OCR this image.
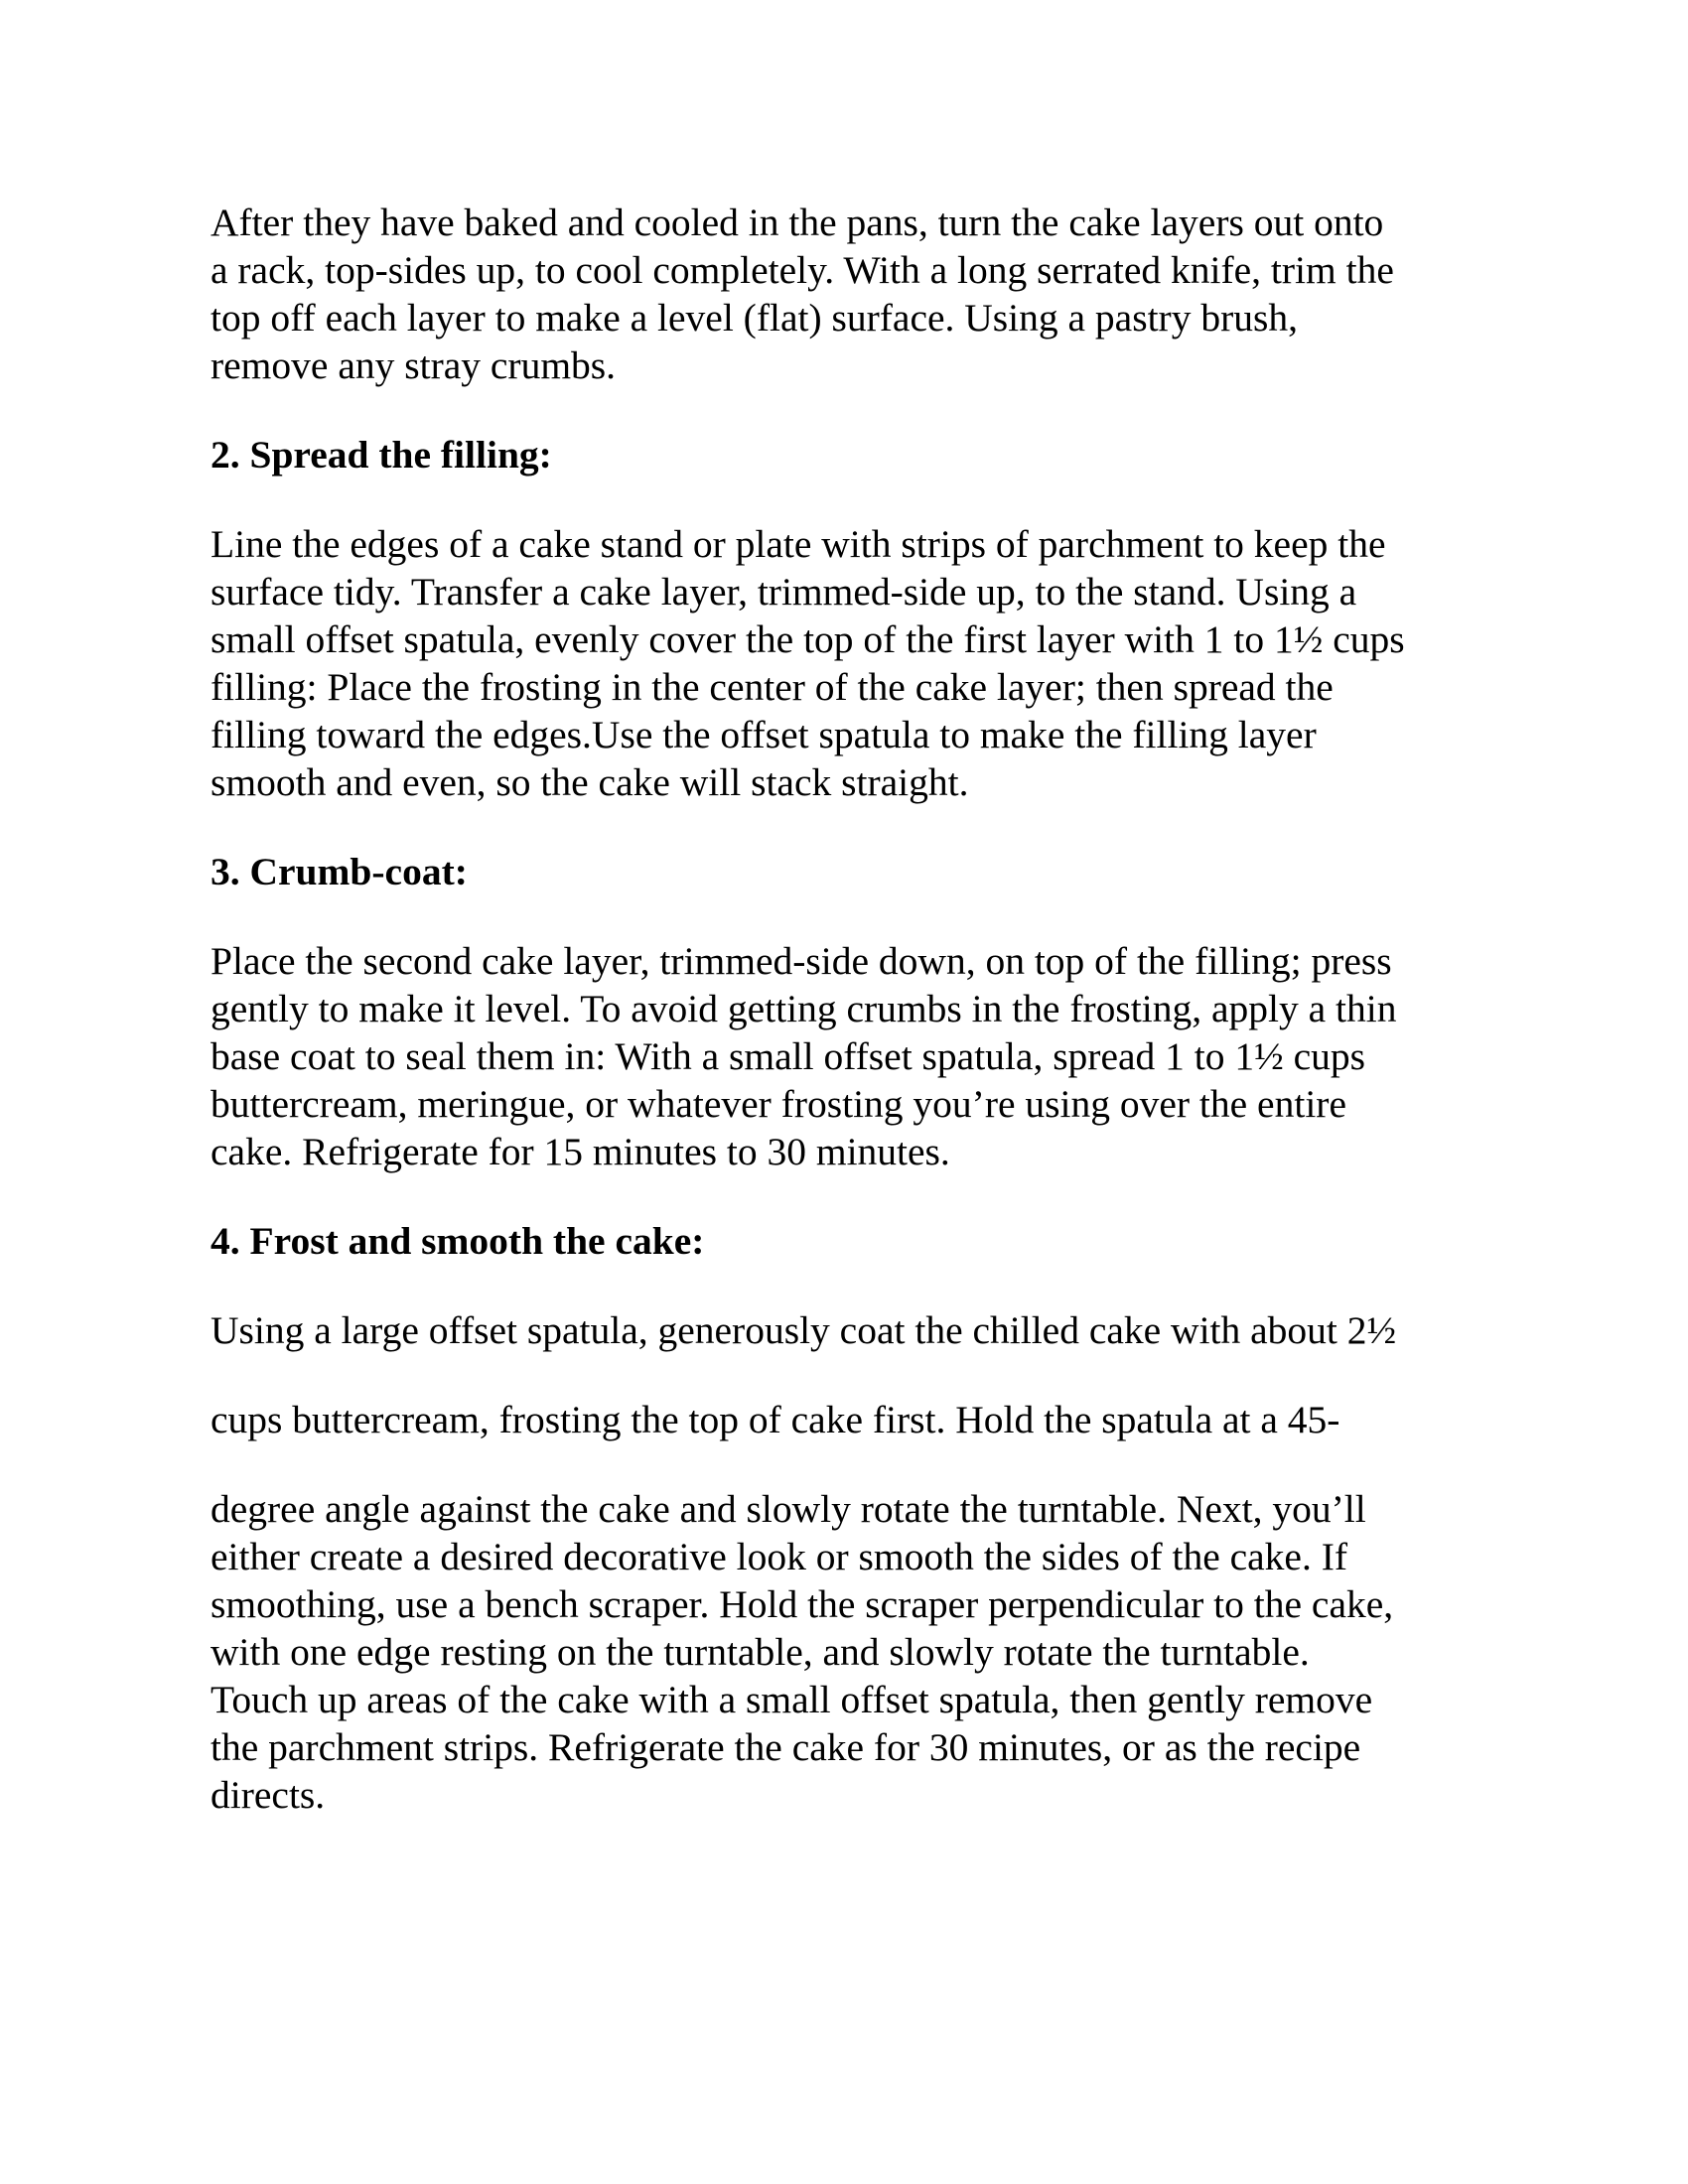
After they have baked and cooled in the pans, turn the cake layers out onto
a rack, top-sides up, to cool completely. With a long serrated knife, trim the
top off each layer to make a level (flat) surface. Using a pastry brush,
remove any stray crumbs.
2. Spread the filling:
Line the edges of a cake stand or plate with strips of parchment to keep the
surface tidy. Transfer a cake layer, trimmed-side up, to the stand. Using a
small offset spatula, evenly cover the top of the first layer with 1 to 1½ cups
filling: Place the frosting in the center of the cake layer; then spread the
filling toward the edges.Use the offset spatula to make the filling layer
smooth and even, so the cake will stack straight.
3. Crumb-coat:
Place the second cake layer, trimmed-side down, on top of the filling; press
gently to make it level. To avoid getting crumbs in the frosting, apply a thin
base coat to seal them in: With a small offset spatula, spread 1 to 1½ cups
buttercream, meringue, or whatever frosting you’re using over the entire
cake. Refrigerate for 15 minutes to 30 minutes.
4. Frost and smooth the cake:
Using a large offset spatula, generously coat the chilled cake with about 2½
cups buttercream, frosting the top of cake first. Hold the spatula at a 45-
degree angle against the cake and slowly rotate the turntable. Next, you’ll
either create a desired decorative look or smooth the sides of the cake. If
smoothing, use a bench scraper. Hold the scraper perpendicular to the cake,
with one edge resting on the turntable, and slowly rotate the turntable.
Touch up areas of the cake with a small offset spatula, then gently remove
the parchment strips. Refrigerate the cake for 30 minutes, or as the recipe
directs.
